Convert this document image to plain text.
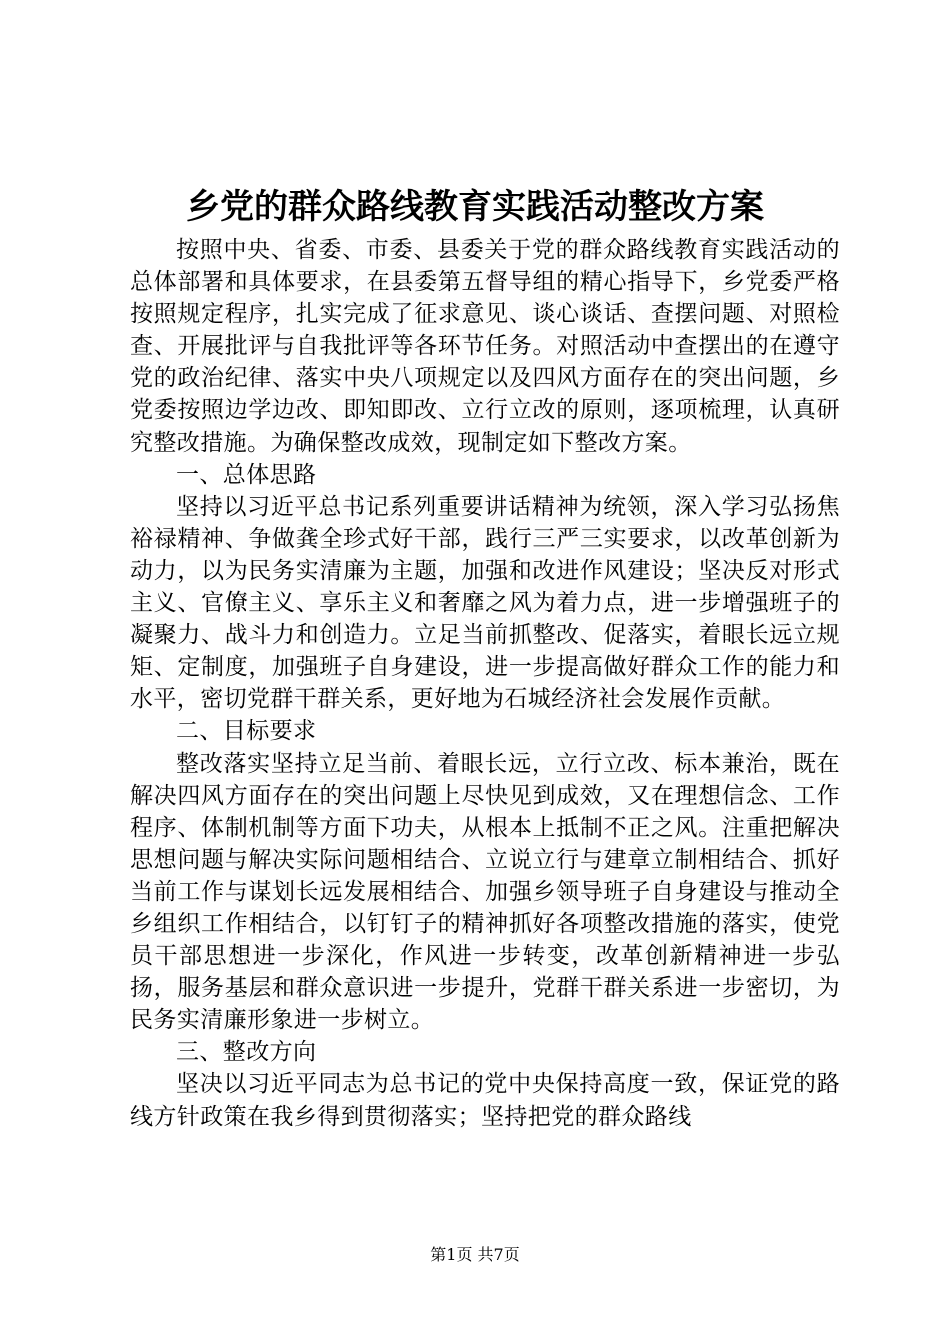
乡党的群众路线教育实践活动整改方案

按照中央、省委、市委、县委关于党的群众路线教育实践活动的总体部署和具体要求，在县委第五督导组的精心指导下，乡党委严格按照规定程序，扎实完成了征求意见、谈心谈话、查摆问题、对照检查、开展批评与自我批评等各环节任务。对照活动中查摆出的在遵守党的政治纪律、落实中央八项规定以及四风方面存在的突出问题，乡党委按照边学边改、即知即改、立行立改的原则，逐项梳理，认真研究整改措施。为确保整改成效，现制定如下整改方案。

一、总体思路

坚持以习近平总书记系列重要讲话精神为统领，深入学习弘扬焦裕禄精神、争做龚全珍式好干部，践行三严三实要求，以改革创新为动力，以为民务实清廉为主题，加强和改进作风建设；坚决反对形式主义、官僚主义、享乐主义和奢靡之风为着力点，进一步增强班子的凝聚力、战斗力和创造力。立足当前抓整改、促落实，着眼长远立规矩、定制度，加强班子自身建设，进一步提高做好群众工作的能力和水平，密切党群干群关系，更好地为石城经济社会发展作贡献。

二、目标要求

整改落实坚持立足当前、着眼长远，立行立改、标本兼治，既在解决四风方面存在的突出问题上尽快见到成效，又在理想信念、工作程序、体制机制等方面下功夫，从根本上抵制不正之风。注重把解决思想问题与解决实际问题相结合、立说立行与建章立制相结合、抓好当前工作与谋划长远发展相结合、加强乡领导班子自身建设与推动全乡组织工作相结合，以钉钉子的精神抓好各项整改措施的落实，使党员干部思想进一步深化，作风进一步转变，改革创新精神进一步弘扬，服务基层和群众意识进一步提升，党群干群关系进一步密切，为民务实清廉形象进一步树立。

三、整改方向

坚决以习近平同志为总书记的党中央保持高度一致，保证党的路线方针政策在我乡得到贯彻落实；坚持把党的群众路线

第1页 共7页
